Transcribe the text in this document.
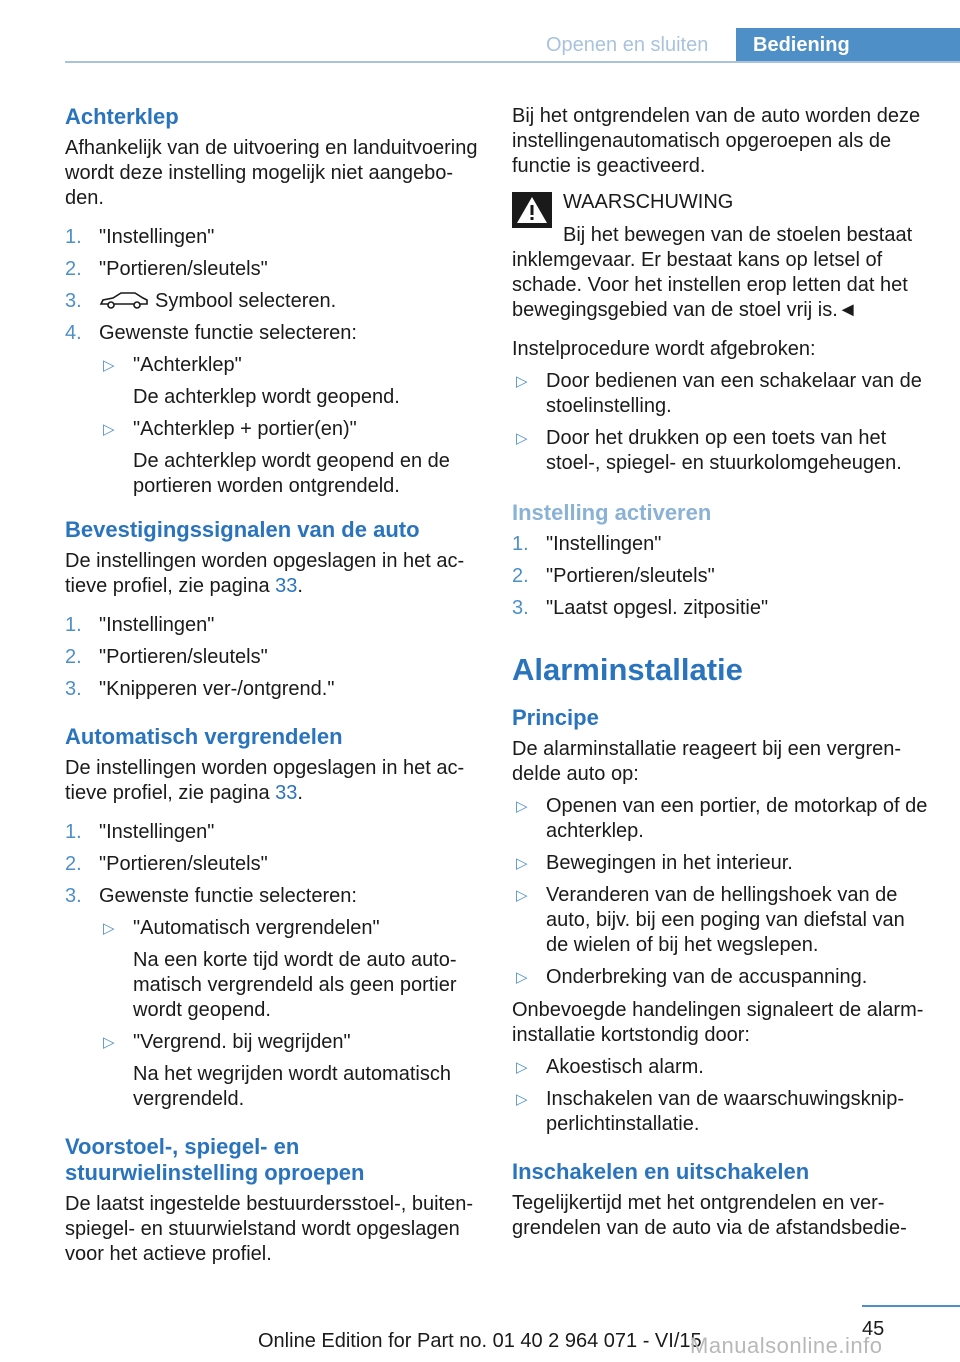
Openen en sluiten	Bediening
Achterklep

Afhankelijk van de uitvoering en landuitvoering wordt deze instelling mogelijk niet aangebo-den.

1. "Instellingen"
2. "Portieren/sleutels"
3.	Symbool selecteren.
4. Gewenste functie selecteren:
▷ "Achterklep"
De achterklep wordt geopend.
▷ "Achterklep + portier(en)"
De achterklep wordt geopend en de portieren worden ontgrendeld.
Bevestigingssignalen van de auto

De instellingen worden opgeslagen in het ac-tieve profiel, zie pagina 33.

1. "Instellingen"
2. "Portieren/sleutels"
3. "Knipperen ver-/ontgrend."
Automatisch vergrendelen

De instellingen worden opgeslagen in het ac-tieve profiel, zie pagina 33.

1. "Instellingen"
2. "Portieren/sleutels"
3. Gewenste functie selecteren:
▷ "Automatisch vergrendelen"
Na een korte tijd wordt de auto auto-matisch vergrendeld als geen portier wordt geopend.
▷ "Vergrend. bij wegrijden"
Na het wegrijden wordt automatisch vergrendeld.
Voorstoel-, spiegel- en
stuurwielinstelling oproepen

De laatst ingestelde bestuurdersstoel-, buiten-spiegel- en stuurwielstand wordt opgeslagen voor het actieve profiel.

Bij het ontgrendelen van de auto worden deze instellingenautomatisch opgeroepen als de functie is geactiveerd.

WAARSCHUWING

Bij het bewegen van de stoelen bestaat

inklemgevaar. Er bestaat kans op letsel of schade. Voor het instellen erop letten dat het bewegingsgebied van de stoel vrij is.◄

Instelprocedure wordt afgebroken:

▷ Door bedienen van een schakelaar van de stoelinstelling.
▷ Door het drukken op een toets van het stoel-, spiegel- en stuurkolomgeheugen.
Instelling activeren
1. "Instellingen"
2. "Portieren/sleutels"
3. "Laatst opgesl. zitpositie"
Alarminstallatie
Principe

De alarminstallatie reageert bij een vergren-delde auto op:

▷ Openen van een portier, de motorkap of de achterklep.
▷ Bewegingen in het interieur.
▷ Veranderen van de hellingshoek van de auto, bijv. bij een poging van diefstal van de wielen of bij het wegslepen.
▷ Onderbreking van de accuspanning.

Onbevoegde handelingen signaleert de alarm-installatie kortstondig door:

▷ Akoestisch alarm.
▷ Inschakelen van de waarschuwingsknip-perlichtinstallatie.
Inschakelen en uitschakelen

Tegelijkertijd met het ontgrendelen en ver-grendelen van de auto via de afstandsbedie-

45
Online Edition for Part no. 01 40 2 964 071 - VI/15
Manualsonline.info
